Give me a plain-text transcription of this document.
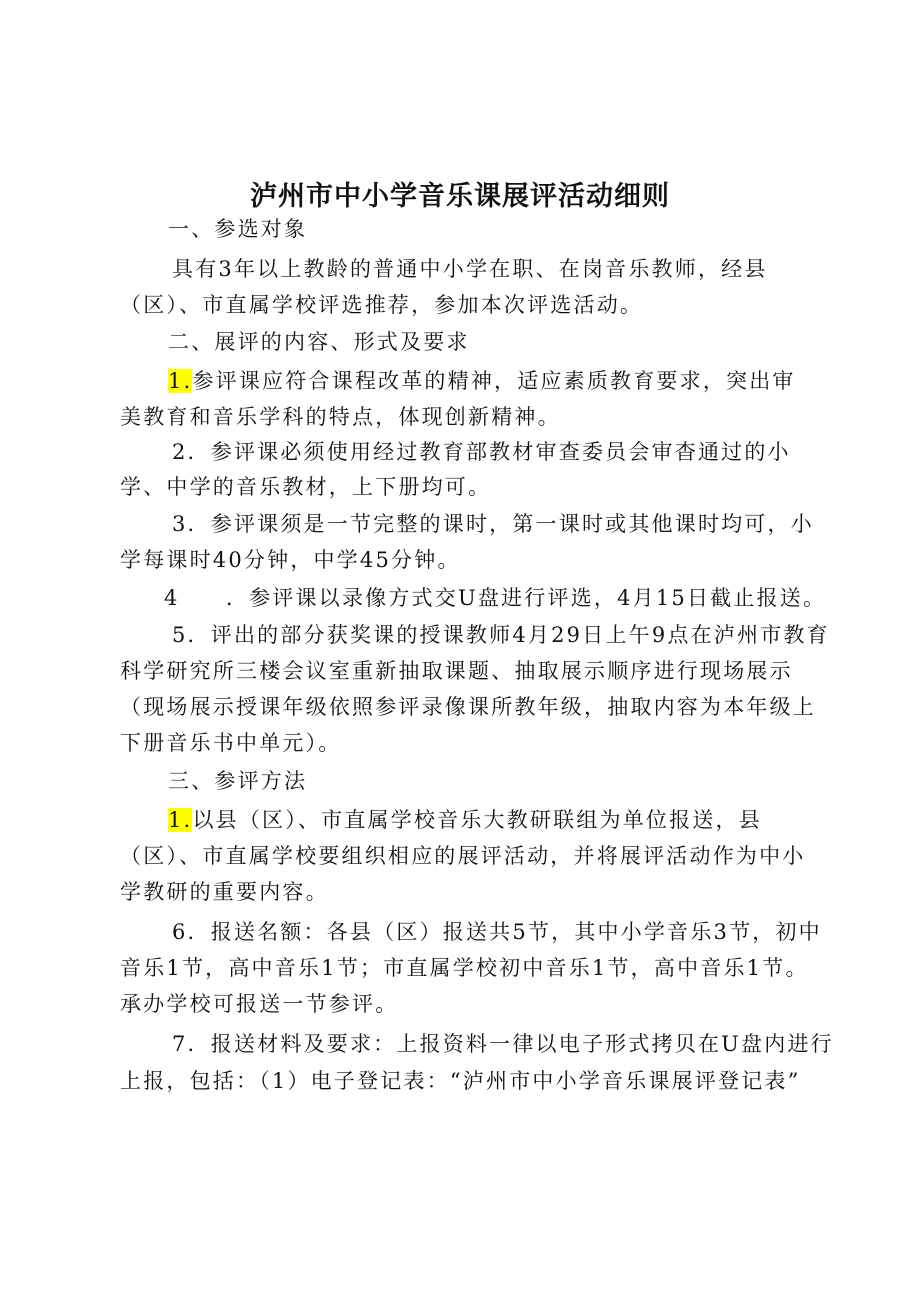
泸州市中小学音乐课展评活动细则
一、参选对象
具有3年以上教龄的普通中小学在职、在岗音乐教师，经县
（区）、市直属学校评选推荐，参加本次评选活动。
二、展评的内容、形式及要求
1.参评课应符合课程改革的精神，适应素质教育要求，突出审
美教育和音乐学科的特点，体现创新精神。
2．参评课必须使用经过教育部教材审查委员会审杳通过的小
学、中学的音乐教材，上下册均可。
3．参评课须是一节完整的课时，第一课时或其他课时均可，小
学每课时40分钟，中学45分钟。
4　　．参评课以录像方式交U盘进行评选，4月15日截止报送。
5．评出的部分获奖课的授课教师4月29日上午9点在泸州市教育
科学研究所三楼会议室重新抽取课题、抽取展示顺序进行现场展示
（现场展示授课年级依照参评录像课所教年级，抽取内容为本年级上
下册音乐书中单元）。
三、参评方法
1.以县（区）、市直属学校音乐大教研联组为单位报送，县
（区）、市直属学校要组织相应的展评活动，并将展评活动作为中小
学教研的重要内容。
6．报送名额：各县（区）报送共5节，其中小学音乐3节，初中
音乐1节，高中音乐1节；市直属学校初中音乐1节，高中音乐1节。
承办学校可报送一节参评。
7．报送材料及要求：上报资料一律以电子形式拷贝在U盘内进行
上报，包括：（1）电子登记表：“泸州市中小学音乐课展评登记表”
